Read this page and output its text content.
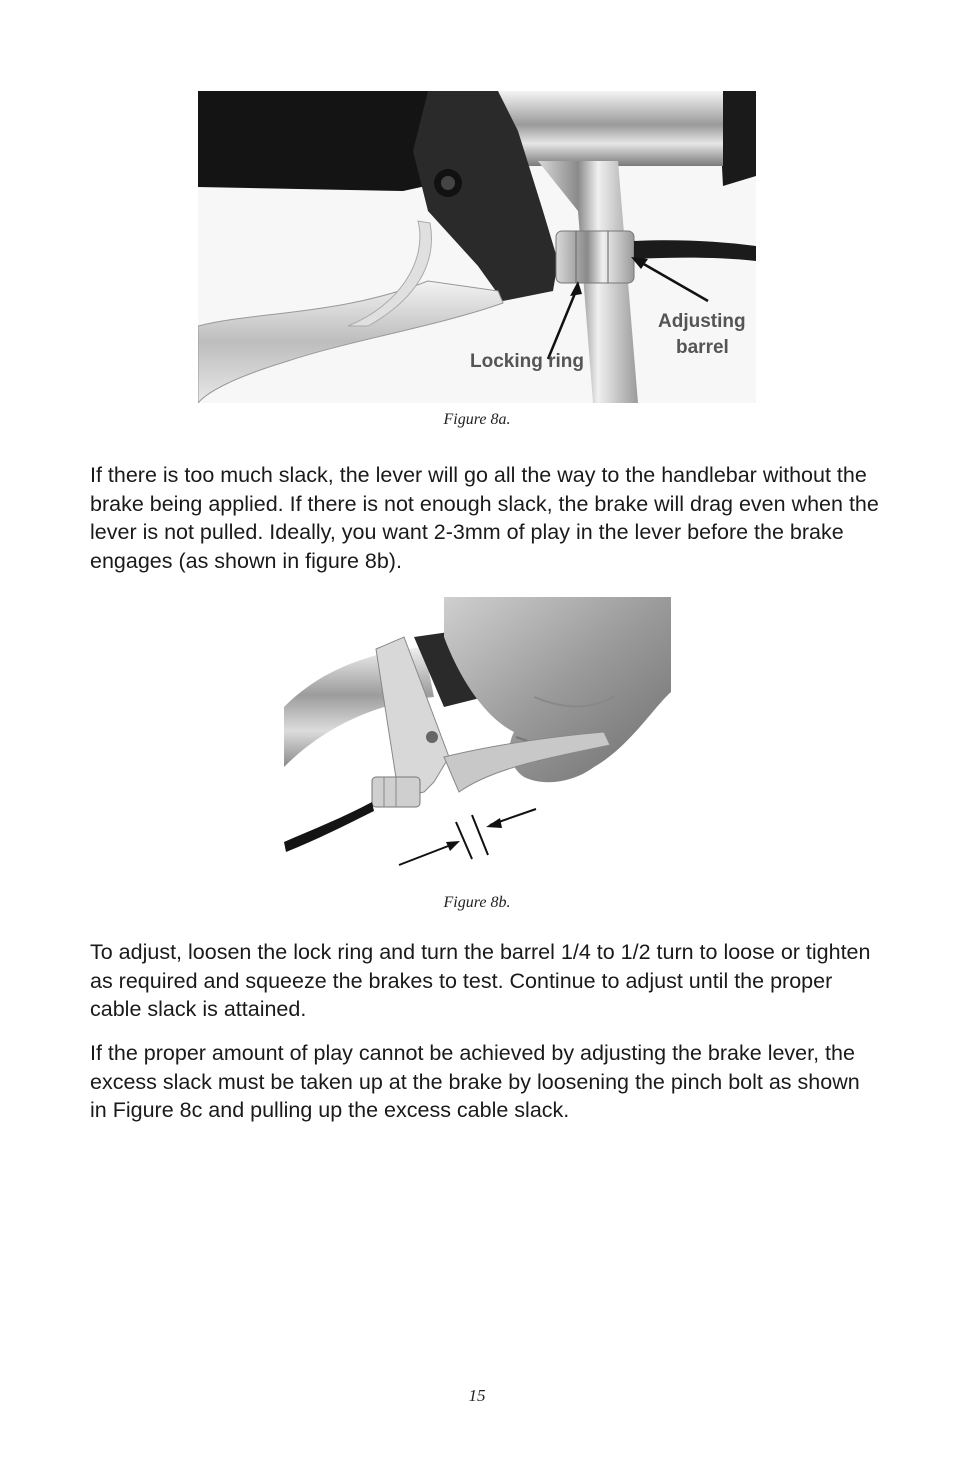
Locking ring
Adjusting
barrel
Figure 8a.

If there is too much slack, the lever will go all the way to the handlebar without the brake being applied. If there is not enough slack, the brake will drag even when the lever is not pulled. Ideally, you want 2-3mm of play in the lever before the brake engages (as shown in figure 8b).

Figure 8b.

To adjust, loosen the lock ring and turn the barrel 1/4 to 1/2 turn to loose or tighten as required and squeeze the brakes to test. Continue to adjust until the proper cable slack is attained.

If the proper amount of play cannot be achieved by adjusting the brake lever, the excess slack must be taken up at the brake by loosening the pinch bolt as shown in Figure 8c and pulling up the excess cable slack.

15
